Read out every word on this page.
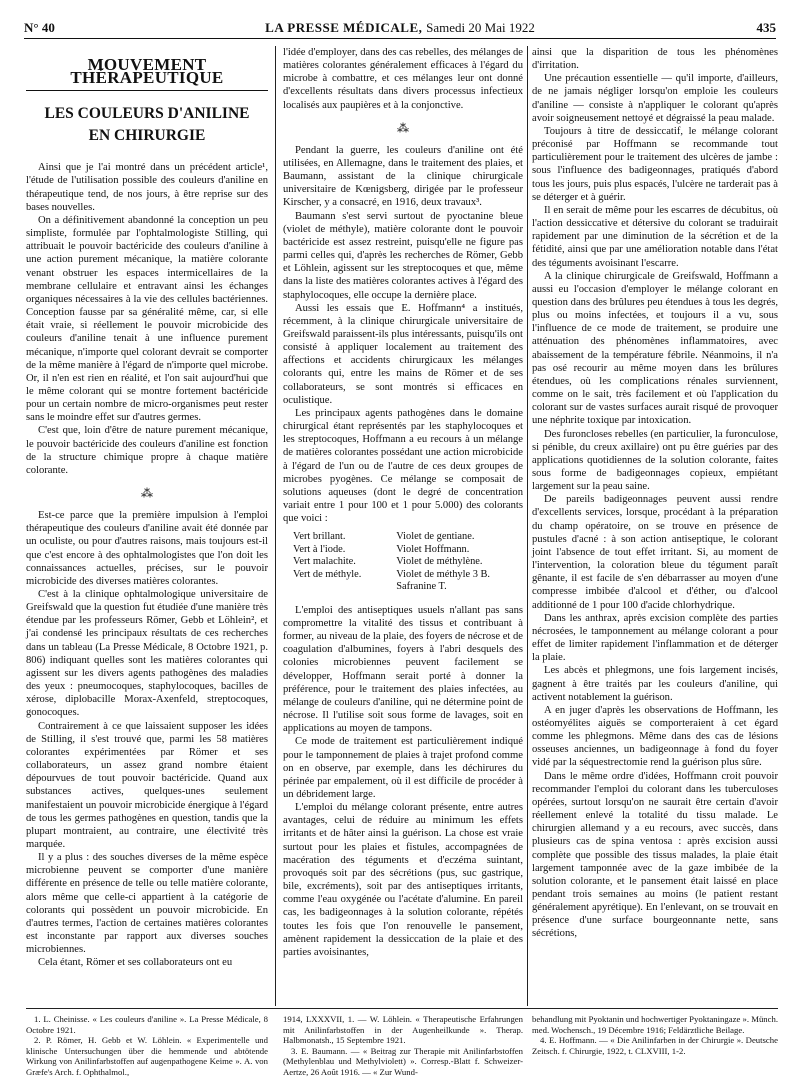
N° 40	LA PRESSE MÉDICALE, Samedi 20 Mai 1922	435
MOUVEMENT THÉRAPEUTIQUE
LES COULEURS D'ANILINE
EN CHIRURGIE

Ainsi que je l'ai montré dans un précédent article¹, l'étude de l'utilisation possible des couleurs d'aniline en thérapeutique tend, de nos jours, à être reprise sur des bases nouvelles.

On a définitivement abandonné la conception un peu simpliste, formulée par l'ophtalmologiste Stilling, qui attribuait le pouvoir bactéricide des couleurs d'aniline à une action purement mécanique, la matière colorante venant obstruer les espaces intermicellaires de la membrane cellulaire et entravant ainsi les échanges organiques nécessaires à la vie des cellules bactériennes. Conception fausse par sa généralité même, car, si elle était vraie, si réellement le pouvoir microbicide des couleurs d'aniline tenait à une influence purement mécanique, n'importe quel colorant devrait se comporter de la même manière à l'égard de n'importe quel microbe. Or, il n'en est rien en réalité, et l'on sait aujourd'hui que le même colorant qui se montre fortement bactéricide pour un certain nombre de micro-organismes peut rester sans le moindre effet sur d'autres germes.

C'est que, loin d'être de nature purement mécanique, le pouvoir bactéricide des couleurs d'aniline est fonction de la structure chimique propre à chaque matière colorante.

⁂

Est-ce parce que la première impulsion à l'emploi thérapeutique des couleurs d'aniline avait été donnée par un oculiste, ou pour d'autres raisons, mais toujours est-il que c'est encore à des ophtalmologistes que l'on doit les connaissances actuelles, précises, sur le pouvoir microbicide des diverses matières colorantes.

C'est à la clinique ophtalmologique universitaire de Greifswald que la question fut étudiée d'une manière très étendue par les professeurs Römer, Gebb et Löhlein², et j'ai condensé les principaux résultats de ces recherches dans un tableau (La Presse Médicale, 8 Octobre 1921, p. 806) indiquant quelles sont les matières colorantes qui agissent sur les divers agents pathogènes des maladies des yeux : pneumocoques, staphylocoques, bacilles de xérose, diplobacille Morax-Axenfeld, streptocoques, gonocoques.

Contrairement à ce que laissaient supposer les idées de Stilling, il s'est trouvé que, parmi les 58 matières colorantes expérimentées par Römer et ses collaborateurs, un assez grand nombre étaient dépourvues de tout pouvoir bactéricide. Quand aux substances actives, quelques-unes seulement manifestaient un pouvoir microbicide énergique à l'égard de tous les germes pathogènes en question, tandis que la plupart montraient, au contraire, une électivité très marquée.

Il y a plus : des souches diverses de la même espèce microbienne peuvent se comporter d'une manière différente en présence de telle ou telle matière colorante, alors même que celle-ci appartient à la catégorie de colorants qui possèdent un pouvoir microbicide. En d'autres termes, l'action de certaines matières colorantes est inconstante par rapport aux diverses souches microbiennes.

Cela étant, Römer et ses collaborateurs ont eu

l'idée d'employer, dans des cas rebelles, des mélanges de matières colorantes généralement efficaces à l'égard du microbe à combattre, et ces mélanges leur ont donné d'excellents résultats dans divers processus infectieux localisés aux paupières et à la conjonctive.

⁂

Pendant la guerre, les couleurs d'aniline ont été utilisées, en Allemagne, dans le traitement des plaies, et Baumann, assistant de la clinique chirurgicale universitaire de Kœnigsberg, dirigée par le professeur Kirscher, y a consacré, en 1916, deux travaux³.

Baumann s'est servi surtout de pyoctanine bleue (violet de méthyle), matière colorante dont le pouvoir bactéricide est assez restreint, puisqu'elle ne figure pas parmi celles qui, d'après les recherches de Römer, Gebb et Löhlein, agissent sur les streptocoques et que, même dans la liste des matières colorantes actives à l'égard des staphylocoques, elle occupe la dernière place.

Aussi les essais que E. Hoffmann⁴ a institués, récemment, à la clinique chirurgicale universitaire de Greifswald paraissent-ils plus intéressants, puisqu'ils ont consisté à appliquer localement au traitement des affections et accidents chirurgicaux les mélanges colorants qui, entre les mains de Römer et de ses collaborateurs, se sont montrés si efficaces en oculistique.

Les principaux agents pathogènes dans le domaine chirurgical étant représentés par les staphylocoques et les streptocoques, Hoffmann a eu recours à un mélange de matières colorantes possédant une action microbicide à l'égard de l'un ou de l'autre de ces deux groupes de microbes pyogènes. Ce mélange se composait de solutions aqueuses (dont le degré de concentration variait entre 1 pour 100 et 1 pour 5.000) des colorants que voici :

Vert brillant.	Violet de gentiane.
Vert à l'iode.	Violet Hoffmann.
Vert malachite.	Violet de méthylène.
Vert de méthyle.	Violet de méthyle 3 B.
	Safranine T.

L'emploi des antiseptiques usuels n'allant pas sans compromettre la vitalité des tissus et contribuant à former, au niveau de la plaie, des foyers de nécrose et de coagulation d'albumines, foyers à l'abri desquels des colonies microbiennes peuvent facilement se développer, Hoffmann serait porté à donner la préférence, pour le traitement des plaies infectées, au mélange de couleurs d'aniline, qui ne détermine point de nécrose. Il l'utilise soit sous forme de lavages, soit en applications au moyen de tampons.

Ce mode de traitement est particulièrement indiqué pour le tamponnement de plaies à trajet profond comme on en observe, par exemple, dans les déchirures du périnée par empalement, où il est difficile de procéder à un débridement large.

L'emploi du mélange colorant présente, entre autres avantages, celui de réduire au minimum les effets irritants et de hâter ainsi la guérison. La chose est vraie surtout pour les plaies et fistules, accompagnées de macération des téguments et d'eczéma suintant, provoqués soit par des sécrétions (pus, suc gastrique, bile, excréments), soit par des antiseptiques irritants, comme l'eau oxygénée ou l'acétate d'alumine. En pareil cas, les badigeonnages à la solution colorante, répétés toutes les fois que l'on renouvelle le pansement, amènent rapidement la dessiccation de la plaie et des parties avoisinantes,

ainsi que la disparition de tous les phénomènes d'irritation.

Une précaution essentielle — qu'il importe, d'ailleurs, de ne jamais négliger lorsqu'on emploie les couleurs d'aniline — consiste à n'appliquer le colorant qu'après avoir soigneusement nettoyé et dégraissé la peau malade.

Toujours à titre de dessiccatif, le mélange colorant préconisé par Hoffmann se recommande tout particulièrement pour le traitement des ulcères de jambe : sous l'influence des badigeonnages, pratiqués d'abord tous les jours, puis plus espacés, l'ulcère ne tarderait pas à se déterger et à guérir.

Il en serait de même pour les escarres de décubitus, où l'action dessiccative et détersive du colorant se traduirait rapidement par une diminution de la sécrétion et de la fétidité, ainsi que par une amélioration notable dans l'état des téguments avoisinant l'escarre.

A la clinique chirurgicale de Greifswald, Hoffmann a aussi eu l'occasion d'employer le mélange colorant en question dans des brûlures peu étendues à tous les degrés, plus ou moins infectées, et toujours il a vu, sous l'influence de ce mode de traitement, se produire une atténuation des phénomènes inflammatoires, avec abaissement de la température fébrile. Néanmoins, il n'a pas osé recourir au même moyen dans les brûlures étendues, où les complications rénales surviennent, comme on le sait, très facilement et où l'application du colorant sur de vastes surfaces aurait risqué de provoquer une néphrite toxique par intoxication.

Des furoncloses rebelles (en particulier, la furonculose, si pénible, du creux axillaire) ont pu être guéries par des applications quotidiennes de la solution colorante, faites sous forme de badigeonnages copieux, empiétant largement sur la peau saine.

De pareils badigeonnages peuvent aussi rendre d'excellents services, lorsque, procédant à la préparation du champ opératoire, on se trouve en présence de pustules d'acné : à son action antiseptique, le colorant joint l'absence de tout effet irritant. Si, au moment de l'intervention, la coloration bleue du tégument paraît gênante, il est facile de s'en débarrasser au moyen d'une compresse imbibée d'alcool et d'éther, ou d'alcool additionné de 1 pour 100 d'acide chlorhydrique.

Dans les anthrax, après excision complète des parties nécrosées, le tamponnement au mélange colorant a pour effet de limiter rapidement l'inflammation et de déterger la plaie.

Les abcès et phlegmons, une fois largement incisés, gagnent à être traités par les couleurs d'aniline, qui activent notablement la guérison.

A en juger d'après les observations de Hoffmann, les ostéomyélites aiguës se comporteraient à cet égard comme les phlegmons. Même dans des cas de lésions osseuses anciennes, un badigeonnage à fond du foyer vidé par la séquestrectomie rend la guérison plus sûre.

Dans le même ordre d'idées, Hoffmann croit pouvoir recommander l'emploi du colorant dans les tuberculoses opérées, surtout lorsqu'on ne saurait être certain d'avoir réellement enlevé la totalité du tissu malade. Le chirurgien allemand y a eu recours, avec succès, dans plusieurs cas de spina ventosa : après excision aussi complète que possible des tissus malades, la plaie était largement tamponnée avec de la gaze imbibée de la solution colorante, et le pansement était laissé en place pendant trois semaines au moins (le patient restant généralement apyrétique). En l'enlevant, on se trouvait en présence d'une surface bourgeonnante nette, sans sécrétions,

1. L. Cheinisse. « Les couleurs d'aniline ». La Presse Médicale, 8 Octobre 1921.

2. P. Römer, H. Gebb et W. Löhlein. « Experimentelle und klinische Untersuchungen über die hemmende und abtötende Wirkung von Anilinfarbstoffen auf augenpathogene Keime ». A. von Græfe's Arch. f. Ophthalmol.,

1914, LXXXVII, 1. — W. Löhlein. « Therapeutische Erfahrungen mit Anilinfarbstoffen in der Augenheilkunde ». Therap. Halbmonatsh., 15 Septembre 1921.

3. E. Baumann. — « Beitrag zur Therapie mit Anilinfarbstoffen (Methylenblau und Methylviolett) ». Corresp.-Blatt f. Schweizer-Aertze, 26 Août 1916. — « Zur Wund-

behandlung mit Pyoktanin und hochwertiger Pyoktaningaze ». Münch. med. Wochensch., 19 Décembre 1916; Feldärztliche Beilage.

4. E. Hoffmann. — « Die Anilinfarben in der Chirurgie ». Deutsche Zeitsch. f. Chirurgie, 1922, t. CLXVIII, 1-2.
